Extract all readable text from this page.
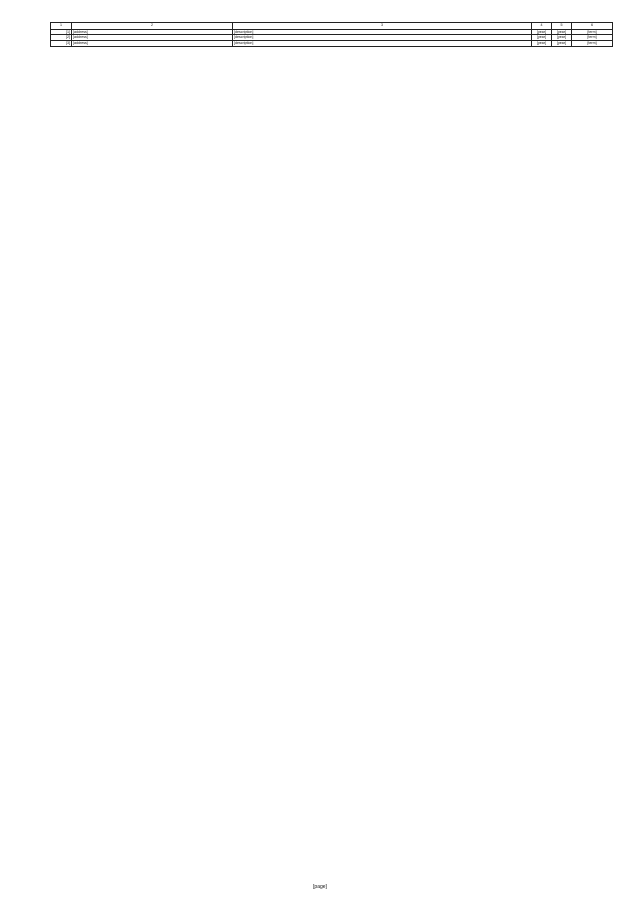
1	2	3	4	5	6
[1]	[address]	[description]	[year]	[year]	[term]
[2]	[address]	[description]	[year]	[year]	[term]
[3]	[address]	[description]	[year]	[year]	[term]
[page]
